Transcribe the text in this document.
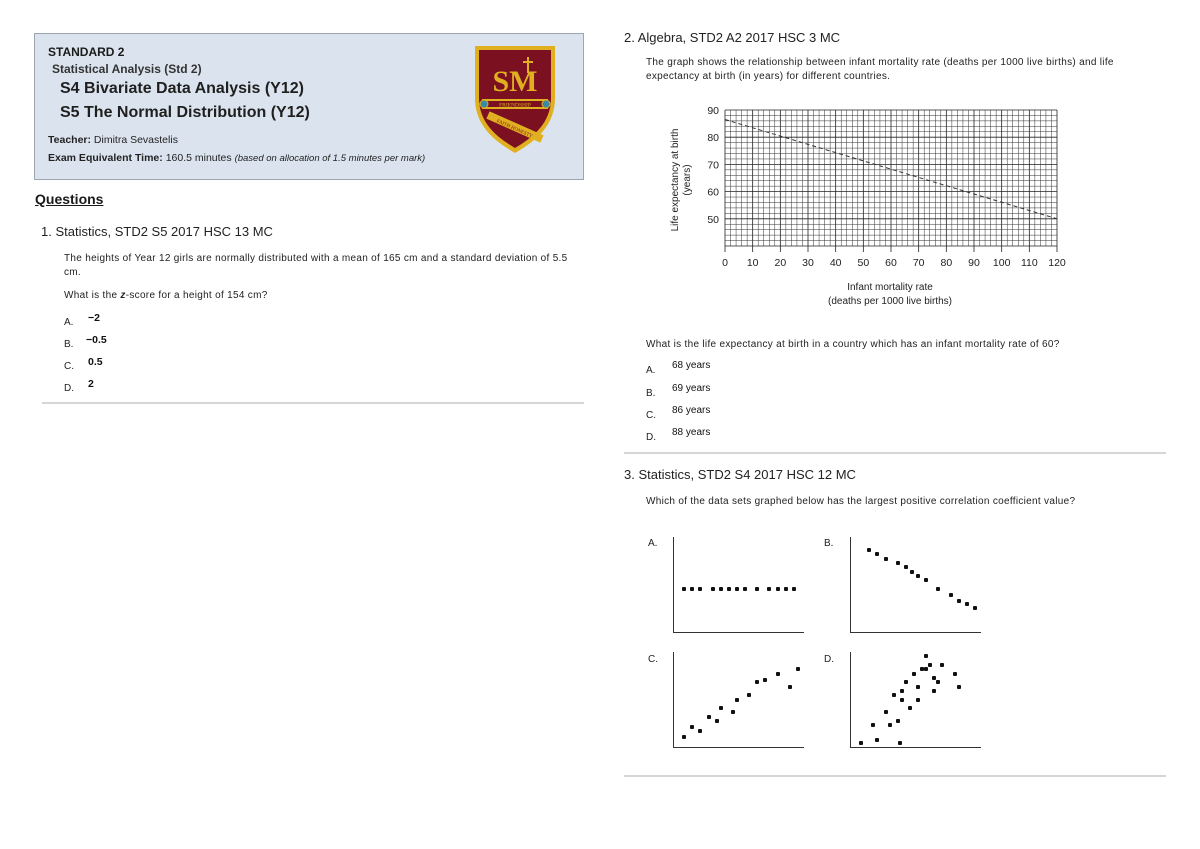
STANDARD 2
Statistical Analysis (Std 2)
S4 Bivariate Data Analysis (Y12)
S5 The Normal Distribution (Y12)
Teacher: Dimitra Sevastelis
Exam Equivalent Time: 160.5 minutes (based on allocation of 1.5 minutes per mark)
SM
FRIENDSHIP
FAITH HONESTY
Questions
1. Statistics, STD2 S5 2017 HSC 13 MC
The heights of Year 12 girls are normally distributed with a mean of 165 cm and a standard deviation of 5.5 cm.
What is the z-score for a height of 154 cm?
A. −2
B. −0.5
C. 0.5
D. 2
2. Algebra, STD2 A2 2017 HSC 3 MC
The graph shows the relationship between infant mortality rate (deaths per 1000 live births) and life expectancy at birth (in years) for different countries.
0 10 20 30 40 50 60 70 80 90 100 110 120
50
60
70
80
90
Infant mortality rate
(deaths per 1000 live births)
Life expectancy at birth (years)
What is the life expectancy at birth in a country which has an infant mortality rate of 60?
A. 68 years
B. 69 years
C. 86 years
D. 88 years
3. Statistics, STD2 S4 2017 HSC 12 MC
Which of the data sets graphed below has the largest positive correlation coefficient value?
A.	B.
C.	D.
